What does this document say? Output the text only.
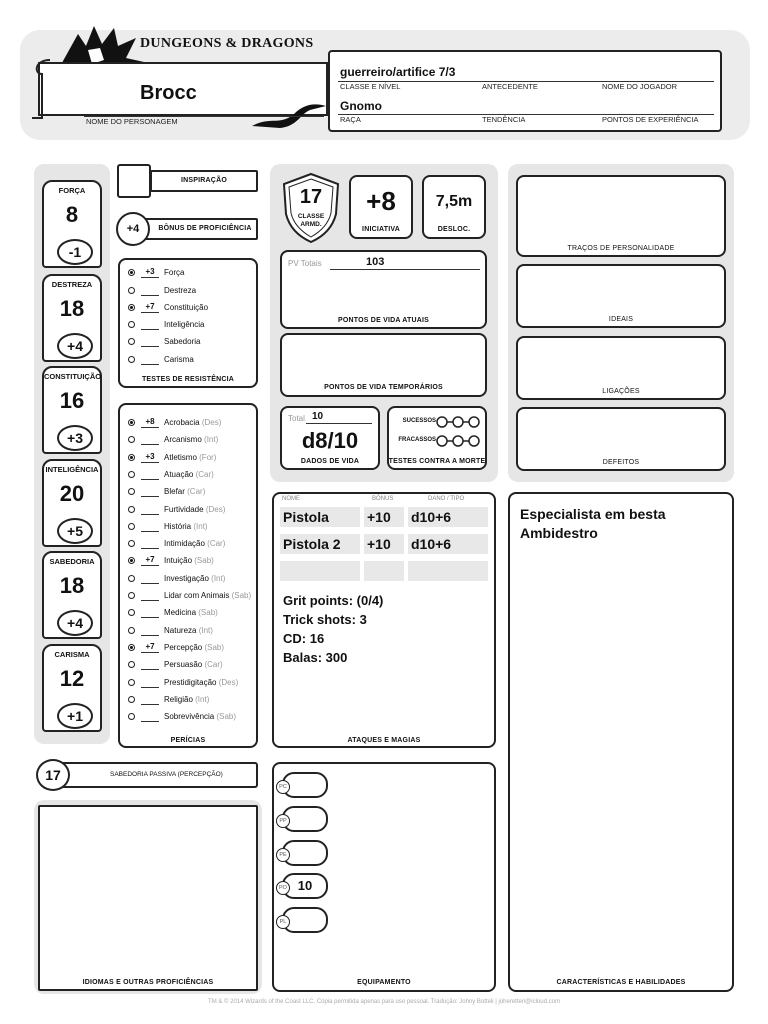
DUNGEONS & DRAGONS
Brocc
NOME DO PERSONAGEM
guerreiro/artifice 7/3
CLASSE E NÍVEL	ANTECEDENTE	NOME DO JOGADOR
Gnomo
RAÇA	TENDÊNCIA	PONTOS DE EXPERIÊNCIA
FORÇA
8
-1
DESTREZA
18
+4
CONSTITUIÇÃO
16
+3
INTELIGÊNCIA
20
+5
SABEDORIA
18
+4
CARISMA
12
+1
INSPIRAÇÃO
+4	BÔNUS DE PROFICIÊNCIA
+3	Força
Destreza
+7	Constituição
Inteligência
Sabedoria
Carisma
TESTES DE RESISTÊNCIA
+8	Acrobacia (Des)
Arcanismo (Int)
+3	Atletismo (For)
Atuação (Car)
Blefar (Car)
Furtividade (Des)
História (Int)
Intimidação (Car)
+7	Intuição (Sab)
Investigação (Int)
Lidar com Animais (Sab)
Medicina (Sab)
Natureza (Int)
+7	Percepção (Sab)
Persuasão (Car)
Prestidigitação (Des)
Religião (Int)
Sobrevivência (Sab)
PERÍCIAS
17	SABEDORIA PASSIVA (PERCEPÇÃO)
IDIOMAS E OUTRAS PROFICIÊNCIAS
17
CLASSE
ARMD.
+8
INICIATIVA
7,5m
DESLOC.
PV Totais	103
PONTOS DE VIDA ATUAIS
PONTOS DE VIDA TEMPORÁRIOS
Total 10
d8/10
DADOS DE VIDA
SUCESSOS
FRACASSOS
TESTES CONTRA A MORTE
NOME	BÔNUS	DANO / TIPO
Pistola	+10	d10+6
Pistola 2	+10	d10+6
Grit points: (0/4)
Trick shots: 3
CD: 16
Balas: 300
ATAQUES E MAGIAS
PC
PP
PE
PO 10
PL
EQUIPAMENTO
TRAÇOS DE PERSONALIDADE
IDEAIS
LIGAÇÕES
DEFEITOS
Especialista em besta
Ambidestro
CARACTERÍSTICAS E HABILIDADES
TM & © 2014 Wizards of the Coast LLC. Cópia permitida apenas para uso pessoal. Tradução: Johny Botteli | joheretteri@icloud.com
